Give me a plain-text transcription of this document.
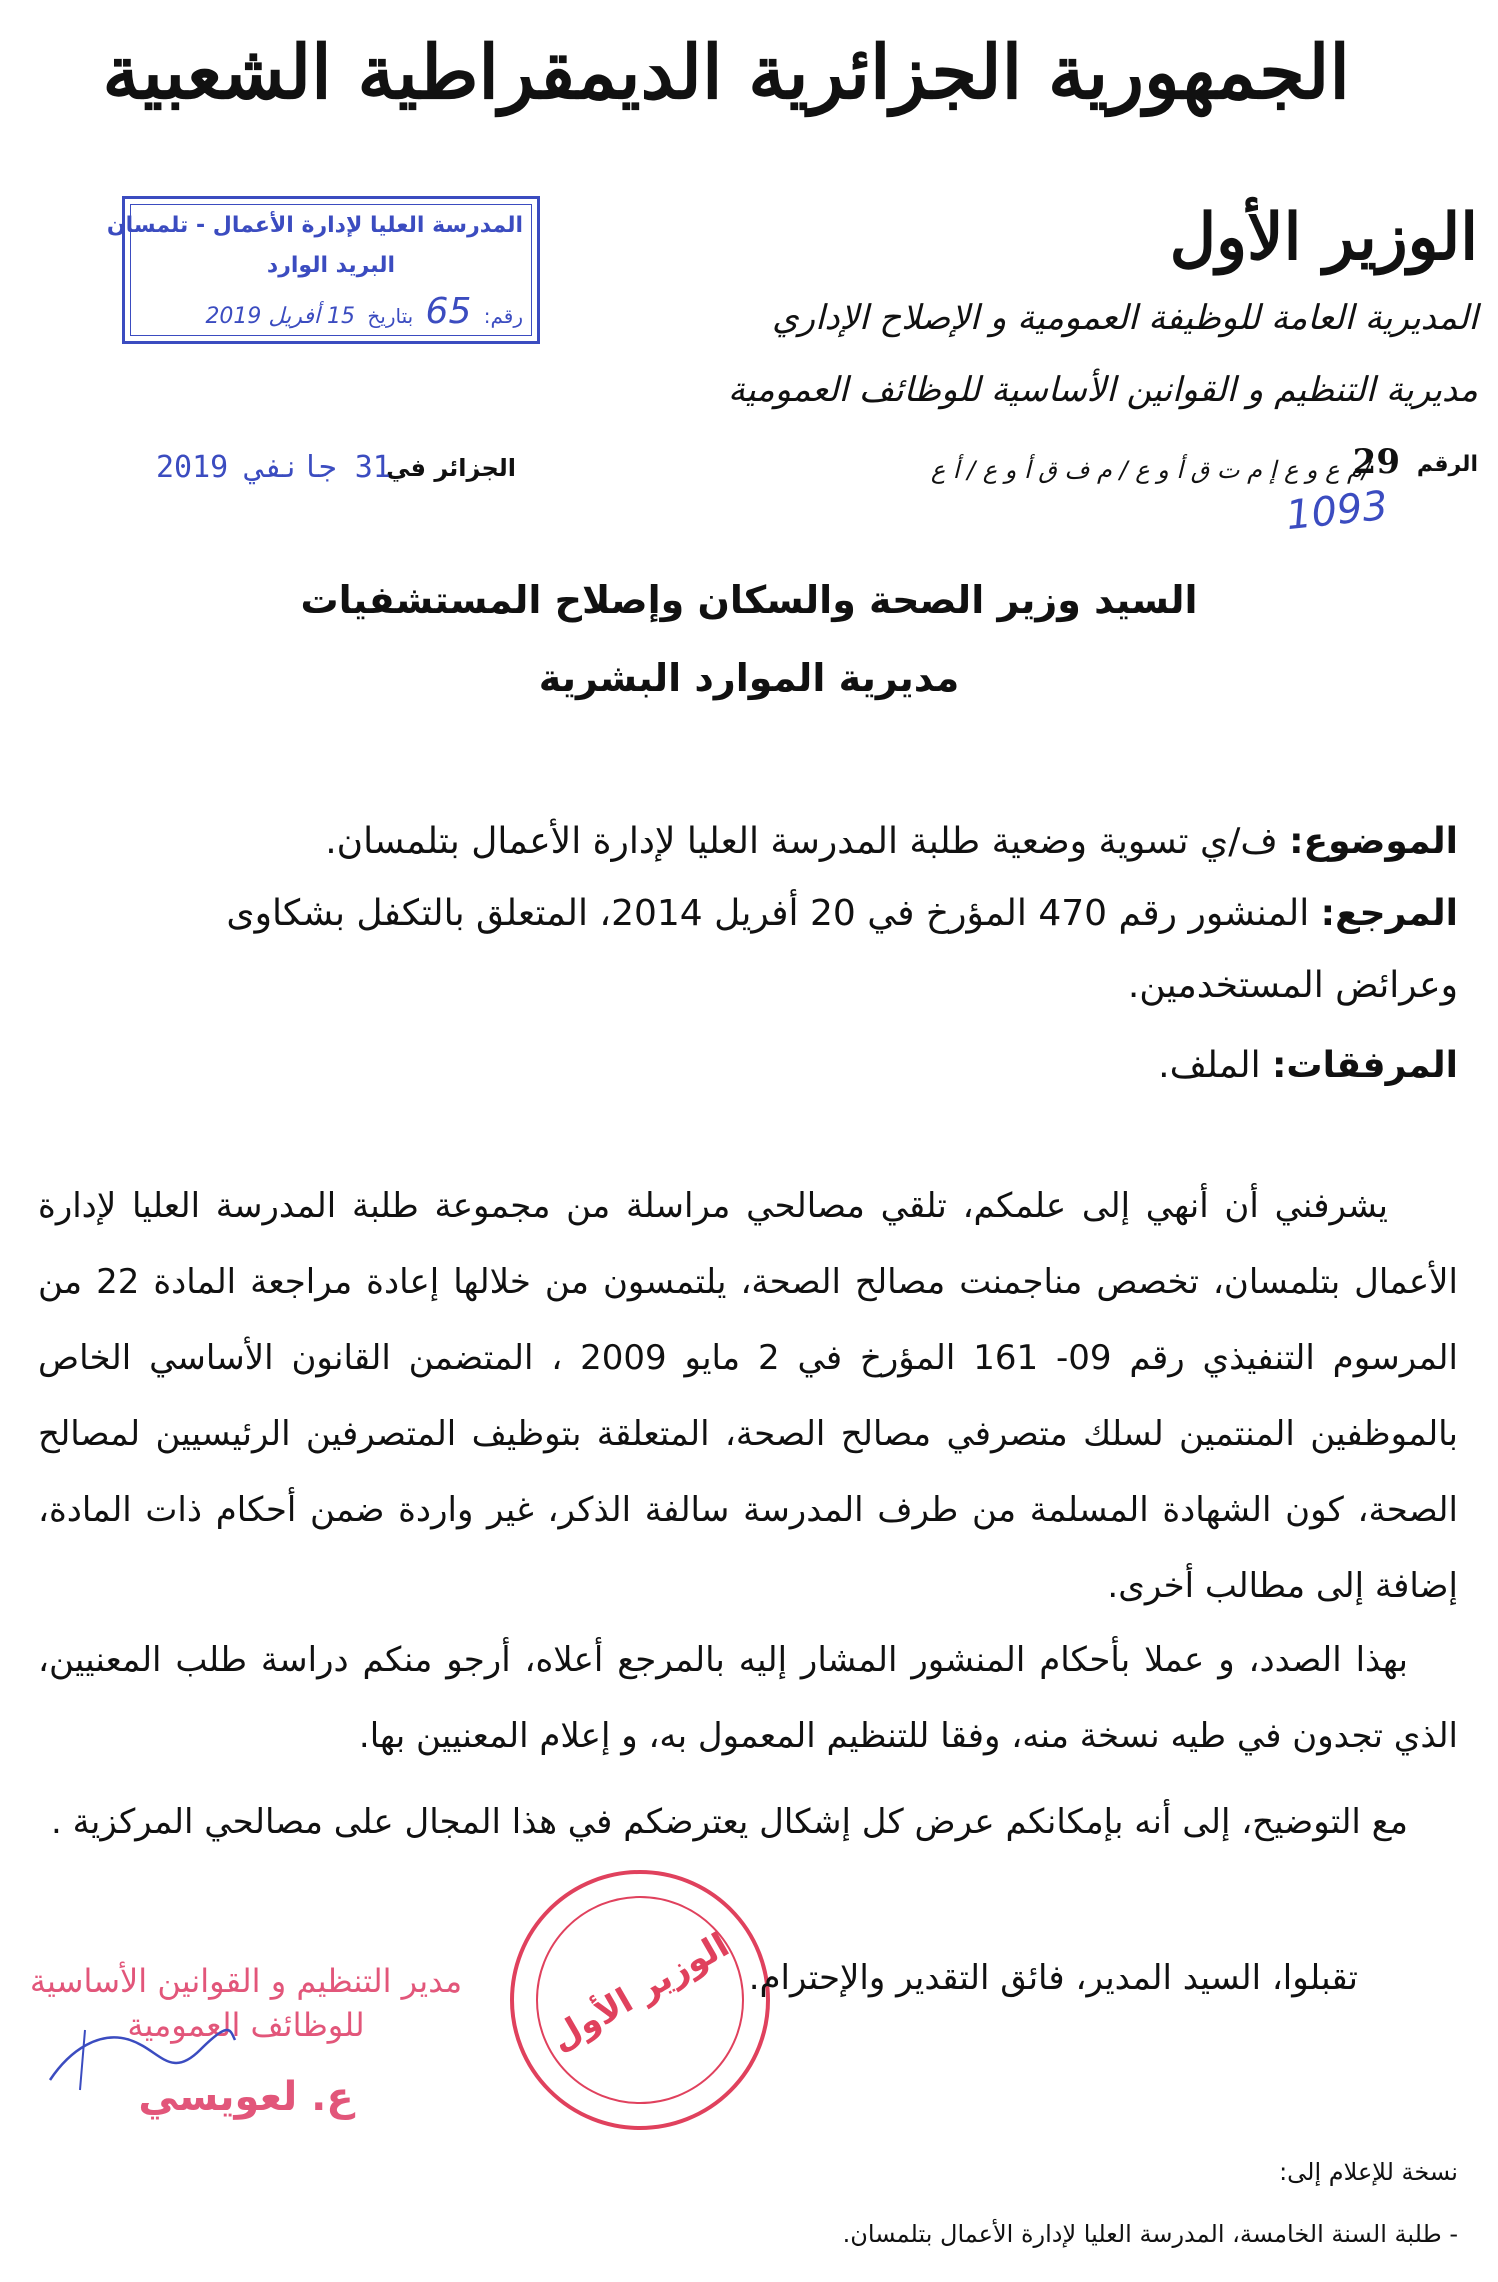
الجمهورية الجزائرية الديمقراطية الشعبية
الوزير الأول
المديرية العامة للوظيفة العمومية و الإصلاح الإداري
مديرية التنظيم و القوانين الأساسية للوظائف العمومية
المدرسة العليا لإدارة الأعمال - تلمسان
البريد الوارد
رقم: 65 بتاريخ 15 أفريل 2019
الرقم
29
/م ع و ع إ م ت ق أ و ع / م ف ق أ و ع / أ ع
1093
الجزائر في
31 جانفي 2019
السيد وزير الصحة والسكان وإصلاح المستشفيات
مديرية الموارد البشرية
الموضوع: ف/ي تسوية وضعية طلبة المدرسة العليا لإدارة الأعمال بتلمسان.
المرجع: المنشور رقم 470 المؤرخ في 20 أفريل 2014، المتعلق بالتكفل بشكاوى وعرائض المستخدمين.
المرفقات: الملف.
يشرفني أن أنهي إلى علمكم، تلقي مصالحي مراسلة من مجموعة طلبة المدرسة العليا لإدارة الأعمال بتلمسان، تخصص مناجمنت مصالح الصحة، يلتمسون من خلالها إعادة مراجعة المادة 22 من المرسوم التنفيذي رقم 09- 161 المؤرخ في 2 مايو 2009 ، المتضمن القانون الأساسي الخاص بالموظفين المنتمين لسلك متصرفي مصالح الصحة، المتعلقة بتوظيف المتصرفين الرئيسيين لمصالح الصحة، كون الشهادة المسلمة من طرف المدرسة سالفة الذكر، غير واردة ضمن أحكام ذات المادة، إضافة إلى مطالب أخرى.
بهذا الصدد، و عملا بأحكام المنشور المشار إليه بالمرجع أعلاه، أرجو منكم دراسة طلب المعنيين، الذي تجدون في طيه نسخة منه، وفقا للتنظيم المعمول به، و إعلام المعنيين بها.
مع التوضيح، إلى أنه بإمكانكم عرض كل إشكال يعترضكم في هذا المجال على مصالحي المركزية .
الوزير الأول تقبلوا، السيد المدير، فائق التقدير والإحترام.
مدير التنظيم و القوانين الأساسية
للوظائف العمومية
ع. لعويسي
نسخة للإعلام إلى:
- طلبة السنة الخامسة، المدرسة العليا لإدارة الأعمال بتلمسان.
